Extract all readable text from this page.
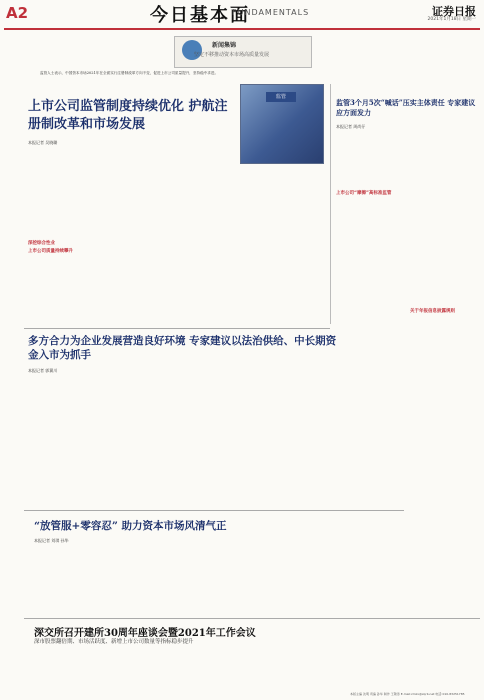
A2	今日基本面
FUNDAMENTALS	证券日报
2021年1月18日 星期一
新闻集锦
坚定不移推动资本市场高质量发展
监管人士表示，中国资本市场2021年在全面实行注册制改革方向不变，促进上市公司质量提升，坚持稳中求进。
上市公司监管制度持续优化 护航注册制改革和市场发展
本报记者 吴晓璐
监管
深挖综合性业
上市公司质量持续攀升
监管3个月5次“喊话”压实主体责任 专家建议应方面发力
本报记者 周尚仔
上市公司“摩擦”高标准监管
关于年报信息披露规则
多方合力为企业发展营造良好环境 专家建议以法治供给、中长期资金入市为抓手
本报记者 郭冀川
“放管服+零容忍” 助力资本市场风清气正
本报记者 刘琪 孙华
深交所召开建所30周年座谈会暨2021年工作会议
深市股票翻倍期、市场活跃度、新增上市公司数量等指标稳步提升
本版主编 沈明 责编 孙华 制作 王敬涛 E-mail:zmzx@zqrb.net 电话:010-83251785
